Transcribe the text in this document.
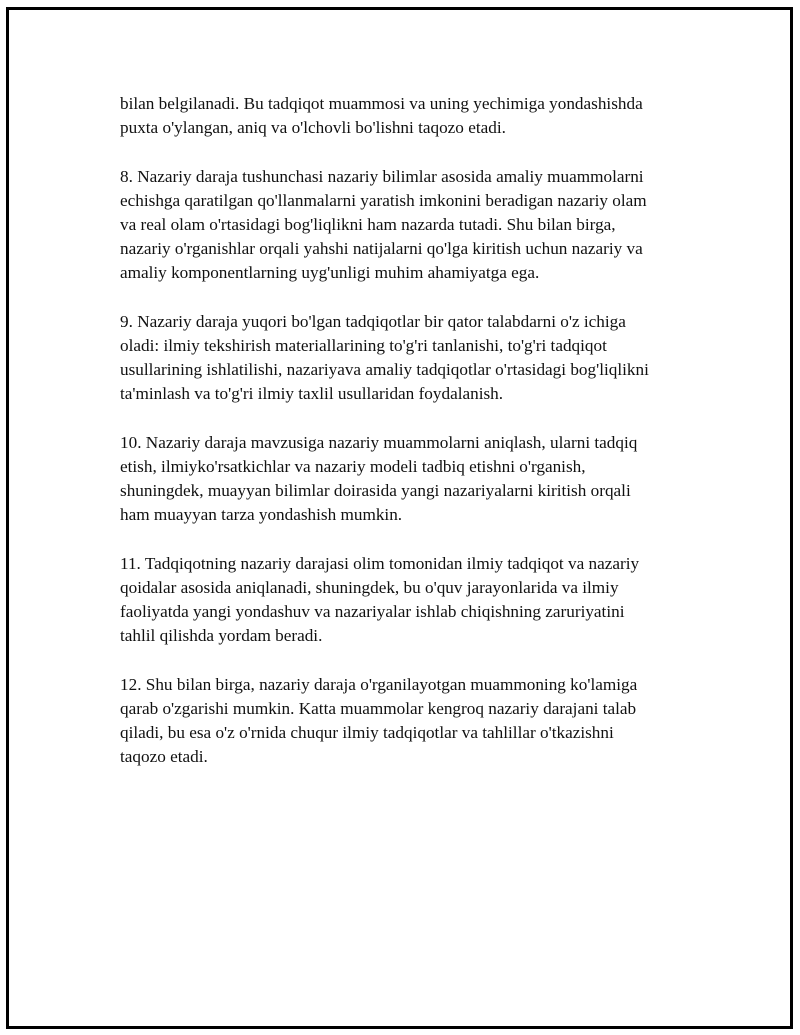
bilan belgilanadi. Bu tadqiqot muammosi va uning yechimiga yondashishda
puxta o'ylangan, aniq va o'lchovli bo'lishni taqozo etadi.

8. Nazariy daraja tushunchasi nazariy bilimlar asosida amaliy muammolarni
echishga qaratilgan qo'llanmalarni yaratish imkonini beradigan nazariy olam
va real olam o'rtasidagi bog'liqlikni ham nazarda tutadi. Shu bilan birga,
nazariy o'rganishlar orqali yahshi natijalarni qo'lga kiritish uchun nazariy va
amaliy komponentlarning uyg'unligi muhim ahamiyatga ega.

9. Nazariy daraja yuqori bo'lgan tadqiqotlar bir qator talabdarni o'z ichiga
oladi: ilmiy tekshirish materiallarining to'g'ri tanlanishi, to'g'ri tadqiqot
usullarining ishlatilishi, nazariyava amaliy tadqiqotlar o'rtasidagi bog'liqlikni
ta'minlash va to'g'ri ilmiy taxlil usullaridan foydalanish.

10. Nazariy daraja mavzusiga nazariy muammolarni aniqlash, ularni tadqiq
etish, ilmiyko'rsatkichlar va nazariy modeli tadbiq etishni o'rganish,
shuningdek, muayyan bilimlar doirasida yangi nazariyalarni kiritish orqali
ham muayyan tarza yondashish mumkin.

11. Tadqiqotning nazariy darajasi olim tomonidan ilmiy tadqiqot va nazariy
qoidalar asosida aniqlanadi, shuningdek, bu o'quv jarayonlarida va ilmiy
faoliyatda yangi yondashuv va nazariyalar ishlab chiqishning zaruriyatini
tahlil qilishda yordam beradi.

12. Shu bilan birga, nazariy daraja o'rganilayotgan muammoning ko'lamiga
qarab o'zgarishi mumkin. Katta muammolar kengroq nazariy darajani talab
qiladi, bu esa o'z o'rnida chuqur ilmiy tadqiqotlar va tahlillar o'tkazishni
taqozo etadi.
